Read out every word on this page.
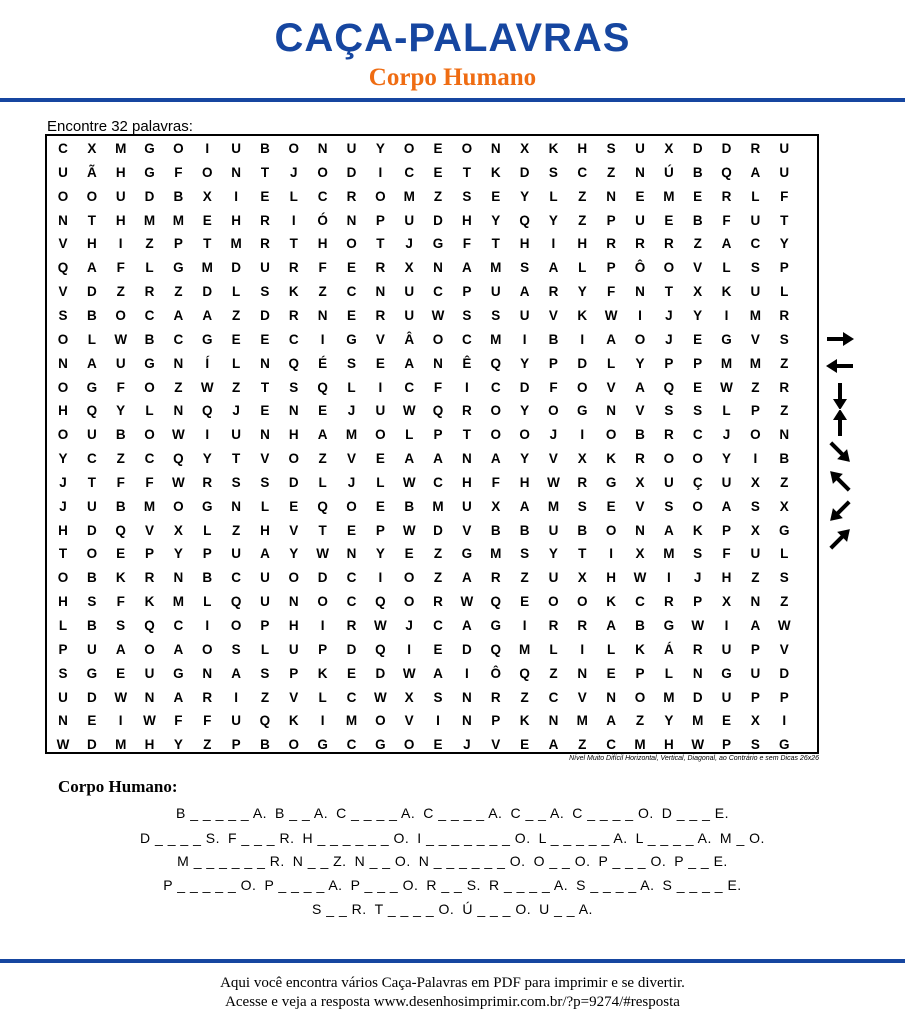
CAÇA-PALAVRAS
Corpo Humano
Encontre 32 palavras:
C	X	M	G	O	I	U	B	O	N	U	Y	O	E	O	N	X	K	H	S	U	X	D	D	R	U
U	Ã	H	G	F	O	N	T	J	O	D	I	C	E	T	K	D	S	C	Z	N	Ú	B	Q	A	U
O	O	U	D	B	X	I	E	L	C	R	O	M	Z	S	E	Y	L	Z	N	E	M	E	R	L	F
N	T	H	M	M	E	H	R	I	Ó	N	P	U	D	H	Y	Q	Y	Z	P	U	E	B	F	U	T
V	H	I	Z	P	T	M	R	T	H	O	T	J	G	F	T	H	I	H	R	R	R	Z	A	C	Y
Q	A	F	L	G	M	D	U	R	F	E	R	X	N	A	M	S	A	L	P	Ô	O	V	L	S	P
V	D	Z	R	Z	D	L	S	K	Z	C	N	U	C	P	U	A	R	Y	F	N	T	X	K	U	L
S	B	O	C	A	A	Z	D	R	N	E	R	U	W	S	S	U	V	K	W	I	J	Y	I	M	R
O	L	W	B	C	G	E	E	C	I	G	V	Â	O	C	M	I	B	I	A	O	J	E	G	V	S
N	A	U	G	N	Í	L	N	Q	É	S	E	A	N	Ê	Q	Y	P	D	L	Y	P	P	M	M	Z
O	G	F	O	Z	W	Z	T	S	Q	L	I	C	F	I	C	D	F	O	V	A	Q	E	W	Z	R
H	Q	Y	L	N	Q	J	E	N	E	J	U	W	Q	R	O	Y	O	G	N	V	S	S	L	P	Z
O	U	B	O	W	I	U	N	H	A	M	O	L	P	T	O	O	J	I	O	B	R	C	J	O	N
Y	C	Z	C	Q	Y	T	V	O	Z	V	E	A	A	N	A	Y	V	X	K	R	O	O	Y	I	B
J	T	F	F	W	R	S	S	D	L	J	L	W	C	H	F	H	W	R	G	X	U	Ç	U	X	Z
J	U	B	M	O	G	N	L	E	Q	O	E	B	M	U	X	A	M	S	E	V	S	O	A	S	X
H	D	Q	V	X	L	Z	H	V	T	E	P	W	D	V	B	B	U	B	O	N	A	K	P	X	G
T	O	E	P	Y	P	U	A	Y	W	N	Y	E	Z	G	M	S	Y	T	I	X	M	S	F	U	L
O	B	K	R	N	B	C	U	O	D	C	I	O	Z	A	R	Z	U	X	H	W	I	J	H	Z	S
H	S	F	K	M	L	Q	U	N	O	C	Q	O	R	W	Q	E	O	O	K	C	R	P	X	N	Z
L	B	S	Q	C	I	O	P	H	I	R	W	J	C	A	G	I	R	R	A	B	G	W	I	A	W
P	U	A	O	A	O	S	L	U	P	D	Q	I	E	D	Q	M	L	I	L	K	Á	R	U	P	V
S	G	E	U	G	N	A	S	P	K	E	D	W	A	I	Ô	Q	Z	N	E	P	L	N	G	U	D
U	D	W	N	A	R	I	Z	V	L	C	W	X	S	N	R	Z	C	V	N	O	M	D	U	P	P
N	E	I	W	F	F	U	Q	K	I	M	O	V	I	N	P	K	N	M	A	Z	Y	M	E	X	I
W	D	M	H	Y	Z	P	B	O	G	C	G	O	E	J	V	E	A	Z	C	M	H	W	P	S	G
Nível Muito Difícil Horizontal, Vertical, Diagonal, ao Contrário e sem Dicas 26x26
Corpo Humano:
B _ _ _ _ _ A. B _ _ A. C _ _ _ _ A. C _ _ _ _ A. C _ _ A. C _ _ _ _ O. D _ _ _ E.
D _ _ _ _ S. F _ _ _ R. H _ _ _ _ _ _ O. I _ _ _ _ _ _ _ O. L _ _ _ _ _ A. L _ _ _ _ A. M _ O.
M _ _ _ _ _ _ R. N _ _ Z. N _ _ O. N _ _ _ _ _ _ O. O _ _ O. P _ _ _ O. P _ _ E.
P _ _ _ _ _ O. P _ _ _ _ A. P _ _ _ O. R _ _ S. R _ _ _ _ A. S _ _ _ _ A. S _ _ _ _ E.
S _ _ R. T _ _ _ _ O. Ú _ _ _ O. U _ _ A.
Aqui você encontra vários Caça-Palavras em PDF para imprimir e se divertir.
Acesse e veja a resposta www.desenhosimprimir.com.br/?p=9274/#resposta
